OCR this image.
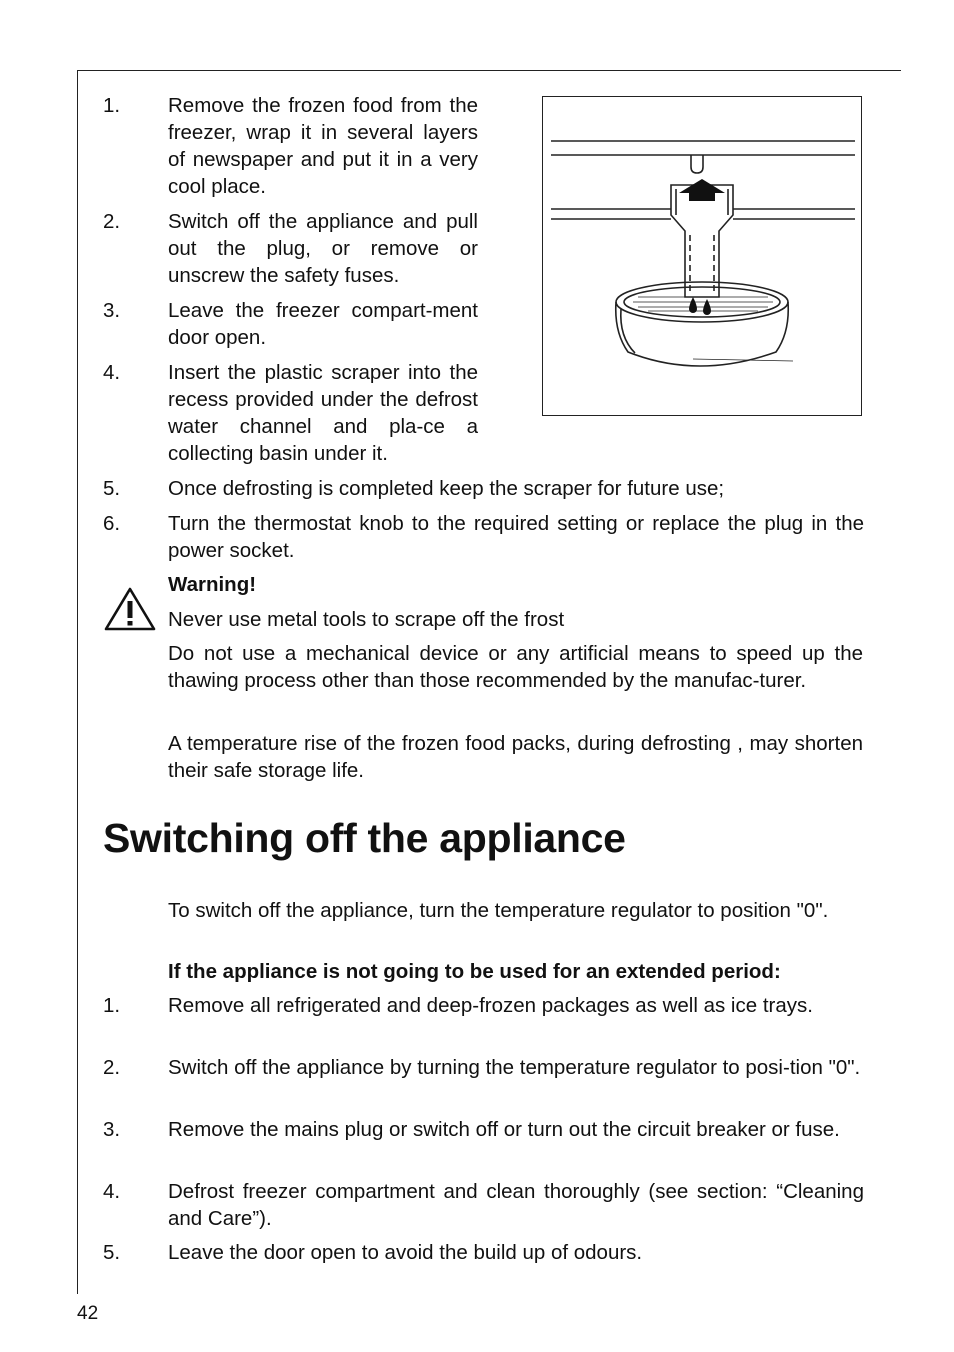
1.	Remove the frozen food from the freezer, wrap it in several layers of newspaper and put it in a very cool place.
2.	Switch off the appliance and pull out the plug, or remove or unscrew the safety fuses.
3.	Leave the freezer compart-ment door open.
4.	Insert the plastic scraper into the recess provided under the defrost water channel and pla-ce a collecting basin under it.
5.	Once defrosting is completed keep the scraper for future use;
6.	Turn the thermostat knob to the required setting or replace the plug in the power socket.
Warning!
Never use metal tools to scrape off the frost
Do not use a mechanical device or any artificial means to speed up the thawing process other than those recommended by the manufac-turer.
A temperature rise of the frozen food packs, during defrosting , may shorten their safe storage life.
Switching off the appliance
To switch off the appliance, turn the temperature regulator to position "0".
If the appliance is not going to be used for an extended period:
1.	Remove all refrigerated and deep-frozen packages as well as ice trays.
2.	Switch off the appliance by turning the temperature regulator to posi-tion "0".
3.	Remove the mains plug or switch off or turn out the circuit breaker or fuse.
4.	Defrost freezer compartment and clean thoroughly (see section: “Cleaning and Care”).
5.	Leave the door open to avoid the build up of odours.
42
